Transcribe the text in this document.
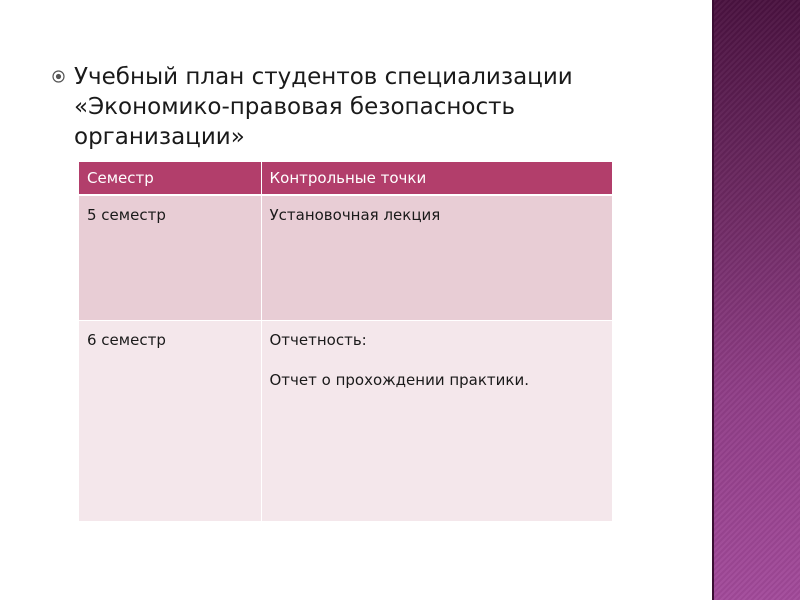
Учебный план студентов специализации «Экономико-правовая безопасность организации»

Семестр	Контрольные точки
5 семестр	Установочная лекция

6 семестр	Отчетность:
Отчет о прохождении практики.
